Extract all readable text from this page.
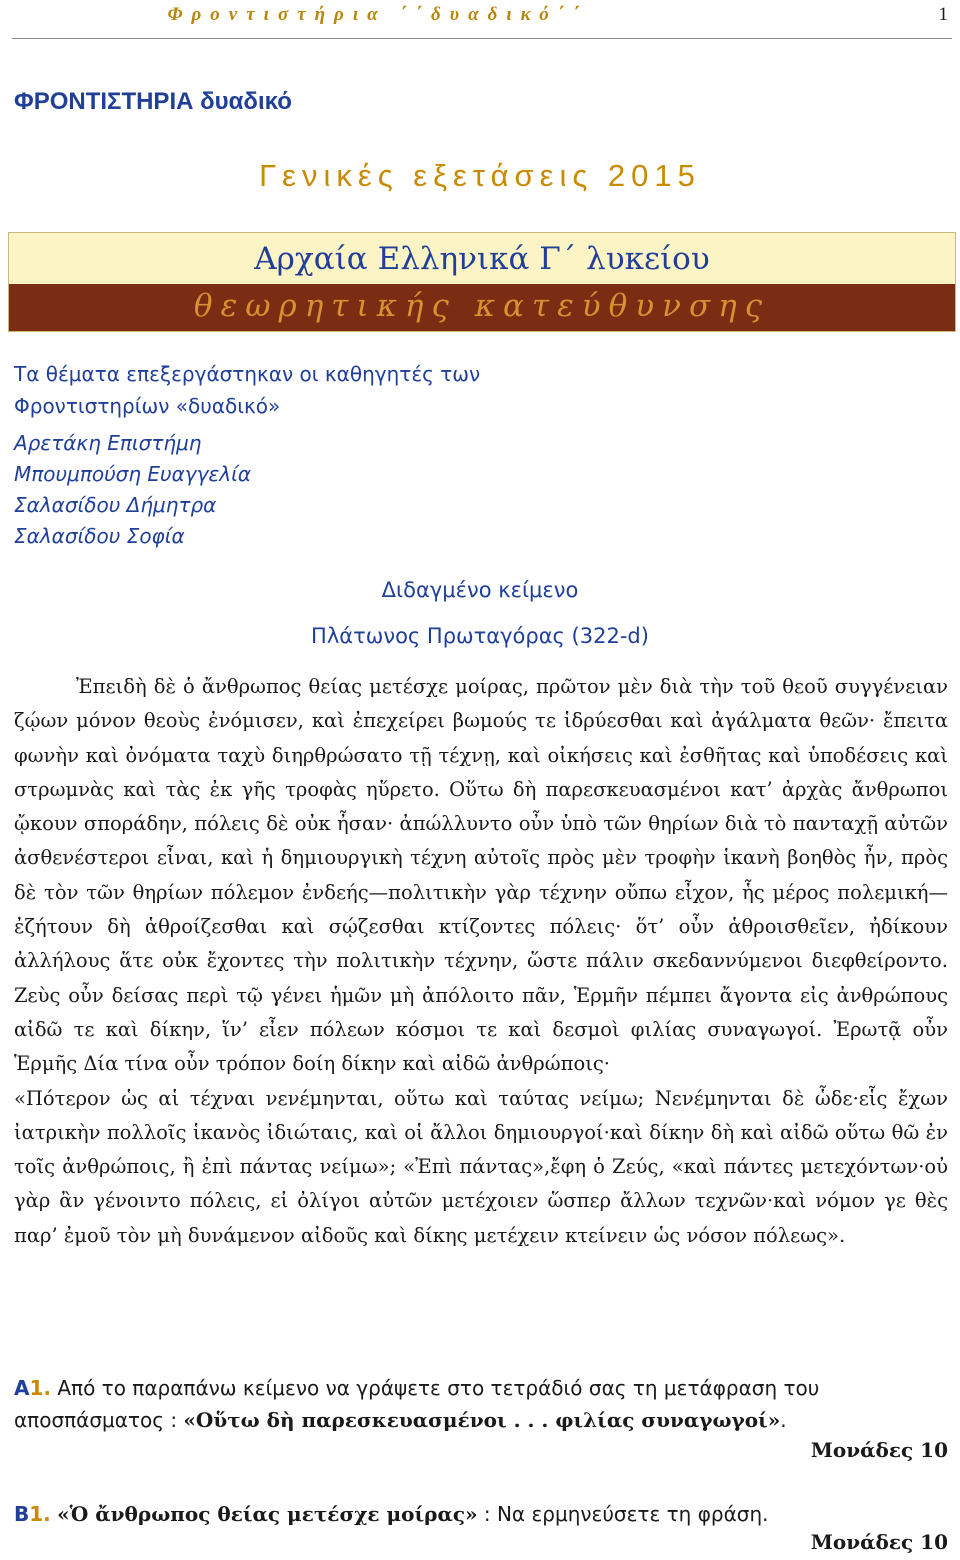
Φροντιστήρια ΄΄δυαδικό΄΄	1
ΦΡΟΝΤΙΣΤΗΡΙΑ δυαδικό
Γενικές εξετάσεις 2015
Αρχαία Ελληνικά Γ΄ λυκείου
θεωρητικής κατεύθυνσης
Τα θέματα επεξεργάστηκαν οι καθηγητές των Φροντιστηρίων «δυαδικό»
Αρετάκη Επιστήμη
Μπουμπούση Ευαγγελία
Σαλασίδου Δήμητρα
Σαλασίδου Σοφία
Διδαγμένο κείμενο
Πλάτωνος Πρωταγόρας (322-d)

Ἐπειδὴ δὲ ὁ ἄνθρωπος θείας μετέσχε μοίρας, πρῶτον μὲν διὰ τὴν τοῦ θεοῦ συγγένειαν ζῴων μόνον θεοὺς ἐνόμισεν, καὶ ἐπεχείρει βωμούς τε ἱδρύεσθαι καὶ ἀγάλματα θεῶν· ἔπειτα φωνὴν καὶ ὀνόματα ταχὺ διηρθρώσατο τῇ τέχνῃ, καὶ οἰκήσεις καὶ ἐσθῆτας καὶ ὑποδέσεις καὶ στρωμνὰς καὶ τὰς ἐκ γῆς τροφὰς ηὕρετο. Οὕτω δὴ παρεσκευασμένοι κατ’ ἀρχὰς ἄνθρωποι ᾤκουν σποράδην, πόλεις δὲ οὐκ ἦσαν· ἀπώλλυντο οὖν ὑπὸ τῶν θηρίων διὰ τὸ πανταχῇ αὐτῶν ἀσθενέστεροι εἶναι, καὶ ἡ δημιουργικὴ τέχνη αὐτοῖς πρὸς μὲν τροφὴν ἱκανὴ βοηθὸς ἦν, πρὸς δὲ τὸν τῶν θηρίων πόλεμον ἐνδεής—πολιτικὴν γὰρ τέχνην οὔπω εἶχον, ἧς μέρος πολεμική—ἐζήτουν δὴ ἁθροίζεσθαι καὶ σῴζεσθαι κτίζοντες πόλεις· ὅτ’ οὖν ἁθροισθεῖεν, ἠδίκουν ἀλλήλους ἅτε οὐκ ἔχοντες τὴν πολιτικὴν τέχνην, ὥστε πάλιν σκεδαννύμενοι διεφθείροντο. Ζεὺς οὖν δείσας περὶ τῷ γένει ἡμῶν μὴ ἀπόλοιτο πᾶν, Ἑρμῆν πέμπει ἄγοντα εἰς ἀνθρώπους αἰδῶ τε καὶ δίκην, ἵν’ εἶεν πόλεων κόσμοι τε καὶ δεσμοὶ φιλίας συναγωγοί. Ἐρωτᾷ οὖν Ἑρμῆς Δία τίνα οὖν τρόπον δοίη δίκην καὶ αἰδῶ ἀνθρώποις·

«Πότερον ὡς αἱ τέχναι νενέμηνται, οὕτω καὶ ταύτας νείμω; Νενέμηνται δὲ ὧδε·εἷς ἔχων ἰατρικὴν πολλοῖς ἱκανὸς ἰδιώταις, καὶ οἱ ἄλλοι δημιουργοί·καὶ δίκην δὴ καὶ αἰδῶ οὕτω θῶ ἐν τοῖς ἀνθρώποις, ἢ ἐπὶ πάντας νείμω»; «Ἐπὶ πάντας»,ἔφη ὁ Ζεύς, «καὶ πάντες μετεχόντων·οὐ γὰρ ἂν γένοιντο πόλεις, εἰ ὀλίγοι αὐτῶν μετέχοιεν ὥσπερ ἄλλων τεχνῶν·καὶ νόμον γε θὲς παρ’ ἐμοῦ τὸν μὴ δυνάμενον αἰδοῦς καὶ δίκης μετέχειν κτείνειν ὡς νόσον πόλεως».

Α1. Από το παραπάνω κείμενο να γράψετε στο τετράδιό σας τη μετάφραση του αποσπάσματος : «Οὕτω δὴ παρεσκευασμένοι . . . φιλίας συναγωγοί».
Μονάδες 10
Β1. «Ὁ ἄνθρωπος θείας μετέσχε μοίρας» : Να ερμηνεύσετε τη φράση.
Μονάδες 10
